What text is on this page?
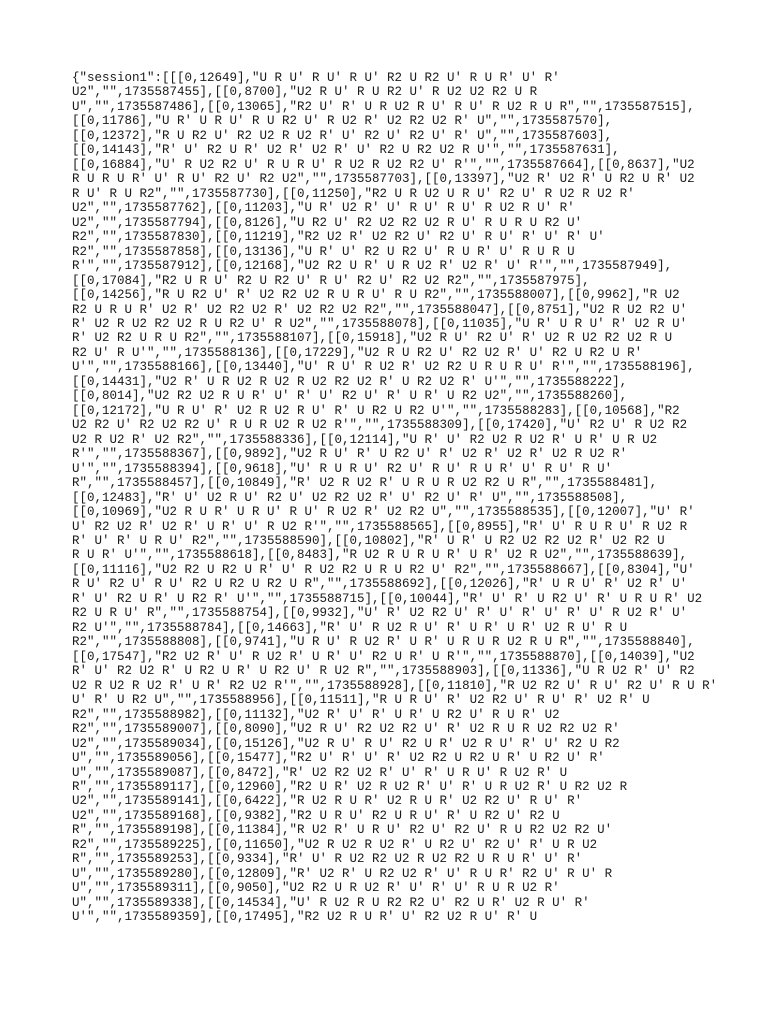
{"session1":[[[0,12649],"U R U' R U' R U' R2 U R2 U' R U R' U' R'
U2","",1735587455],[[0,8700],"U2 R U' R U R2 U' R U2 U2 R2 U R
U","",1735587486],[[0,13065],"R2 U' R' U R U2 R U' R U' R U2 R U R","",1735587515],
[[0,11786],"U R' U R U' R U R2 U' R U2 R' U2 R2 U2 R' U","",1735587570],
[[0,12372],"R U R2 U' R2 U2 R U2 R' U' R2 U' R2 U' R' U","",1735587603],
[[0,14143],"R' U' R2 U R' U2 R' U2 R' U' R2 U R2 U2 R U'","",1735587631],
[[0,16884],"U' R U2 R2 U' R U R U' R U2 R U2 R2 U' R'","",1735587664],[[0,8637],"U2
R U R U R' U' R U' R2 U' R2 U2","",1735587703],[[0,13397],"U2 R' U2 R' U R2 U R' U2
R U' R U R2","",1735587730],[[0,11250],"R2 U R U2 U R U' R2 U' R U2 R U2 R'
U2","",1735587762],[[0,11203],"U R' U2 R' U' R U' R U' R U2 R U' R'
U2","",1735587794],[[0,8126],"U R2 U' R2 U2 R2 U2 R U' R U R U R2 U'
R2","",1735587830],[[0,11219],"R2 U2 R' U2 R2 U' R2 U' R U' R' U' R' U'
R2","",1735587858],[[0,13136],"U R' U' R2 U R2 U' R U R' U' R U R U
R'","",1735587912],[[0,12168],"U2 R2 U R' U R U2 R' U2 R' U' R'","",1735587949],
[[0,17084],"R2 U R U' R2 U R2 U' R U' R2 U' R2 U2 R2","",1735587975],
[[0,14256],"R U R2 U' R' U2 R2 U2 R U R U' R U R2","",1735588007],[[0,9962],"R U2
R2 U R U R' U2 R' U2 R2 U2 R' U2 R2 U2 R2","",1735588047],[[0,8751],"U2 R U2 R2 U'
R' U2 R U2 R2 U2 R U R2 U' R U2","",1735588078],[[0,11035],"U R' U R U' R' U2 R U'
R' U2 R2 U R U R2","",1735588107],[[0,15918],"U2 R U' R2 U' R' U2 R U2 R2 U2 R U
R2 U' R U'","",1735588136],[[0,17229],"U2 R U R2 U' R2 U2 R' U' R2 U R2 U R'
U'","",1735588166],[[0,13440],"U' R U' R U2 R' U2 R2 U R U R U' R'","",1735588196],
[[0,14431],"U2 R' U R U2 R U2 R U2 R2 U2 R' U R2 U2 R' U'","",1735588222],
[[0,8014],"U2 R2 U2 R U R' U' R' U' R2 U' R' U R' U R2 U2","",1735588260],
[[0,12172],"U R U' R' U2 R U2 R U' R' U R2 U R2 U'","",1735588283],[[0,10568],"R2
U2 R2 U' R2 U2 R2 U' R U R U2 R U2 R'","",1735588309],[[0,17420],"U' R2 U' R U2 R2
U2 R U2 R' U2 R2","",1735588336],[[0,12114],"U R' U' R2 U2 R U2 R' U R' U R U2
R'","",1735588367],[[0,9892],"U2 R U' R' U R2 U' R' U2 R' U2 R' U2 R U2 R'
U'","",1735588394],[[0,9618],"U' R U R U' R2 U' R U' R U R' U' R U' R U'
R","",1735588457],[[0,10849],"R' U2 R U2 R' U R U R U2 R2 U R","",1735588481],
[[0,12483],"R' U' U2 R U' R2 U' U2 R2 U2 R' U' R2 U' R' U","",1735588508],
[[0,10969],"U2 R U R' U R U' R U' R U2 R' U2 R2 U","",1735588535],[[0,12007],"U' R'
U' R2 U2 R' U2 R' U R' U' R U2 R'","",1735588565],[[0,8955],"R' U' R U R U' R U2 R
R' U' R' U R U' R2","",1735588590],[[0,10802],"R' U R' U R2 U2 R2 U2 R' U2 R2 U
R U R' U'","",1735588618],[[0,8483],"R U2 R U R U R' U R' U2 R U2","",1735588639],
[[0,11116],"U2 R2 U R2 U R' U' R U2 R2 U R U R2 U' R2","",1735588667],[[0,8304],"U'
R U' R2 U' R U' R2 U R2 U R2 U R","",1735588692],[[0,12026],"R' U R U' R' U2 R' U'
R' U' R2 U R' U R2 R' U'","",1735588715],[[0,10044],"R' U' R' U R2 U' R' U R U R' U2
R2 U R U' R","",1735588754],[[0,9932],"U' R' U2 R2 U' R' U' R' U' R' U' R U2 R' U'
R2 U'","",1735588784],[[0,14663],"R' U' R U2 R U' R' U R' U R' U2 R U' R U
R2","",1735588808],[[0,9741],"U R U' R U2 R' U R' U R U R U2 R U R","",1735588840],
[[0,17547],"R2 U2 R' U' R U2 R' U R' U' R2 U R' U R'","",1735588870],[[0,14039],"U2
R' U' R2 U2 R' U R2 U R' U R2 U' R U2 R","",1735588903],[[0,11336],"U R U2 R' U' R2
U2 R U2 R U2 R' U R' R2 U2 R'","",1735588928],[[0,11810],"R U2 R2 U' R U' R2 U' R U R'
U' R' U R2 U","",1735588956],[[0,11511],"R U R U' R' U2 R2 U' R U' R' U2 R' U
R2","",1735588982],[[0,11132],"U2 R' U' R' U R' U R2 U' R U R' U2
R2","",1735589007],[[0,8090],"U2 R U' R2 U2 R2 U' R' U2 R U R U2 R2 U2 R'
U2","",1735589034],[[0,15126],"U2 R U' R U' R2 U R' U2 R U' R' U' R2 U R2
U","",1735589056],[[0,15477],"R2 U' R' U' R' U2 R2 U R2 U R' U R2 U' R'
U","",1735589087],[[0,8472],"R' U2 R2 U2 R' U' R' U R U' R U2 R' U
R","",1735589117],[[0,12960],"R2 U R' U2 R U2 R' U' R' U R U2 R' U R2 U2 R
U2","",1735589141],[[0,6422],"R U2 R U R' U2 R U R' U2 R2 U' R U' R'
U2","",1735589168],[[0,9382],"R2 U R U' R2 U R U' R' U R2 U' R2 U
R","",1735589198],[[0,11384],"R U2 R' U R U' R2 U' R2 U' R U R2 U2 R2 U'
R2","",1735589225],[[0,11650],"U2 R U2 R U2 R' U R2 U' R2 U' R' U R U2
R","",1735589253],[[0,9334],"R' U' R U2 R2 U2 R U2 R2 U R U R' U' R'
U","",1735589280],[[0,12809],"R' U2 R' U R2 U2 R' U' R U R' R2 U' R U' R
U","",1735589311],[[0,9050],"U2 R2 U R U2 R' U' R' U' R U R U2 R'
U","",1735589338],[[0,14534],"U' R U2 R U R2 R2 U' R2 U R' U2 R U' R'
U'","",1735589359],[[0,17495],"R2 U2 R U R' U' R2 U2 R U' R' U
